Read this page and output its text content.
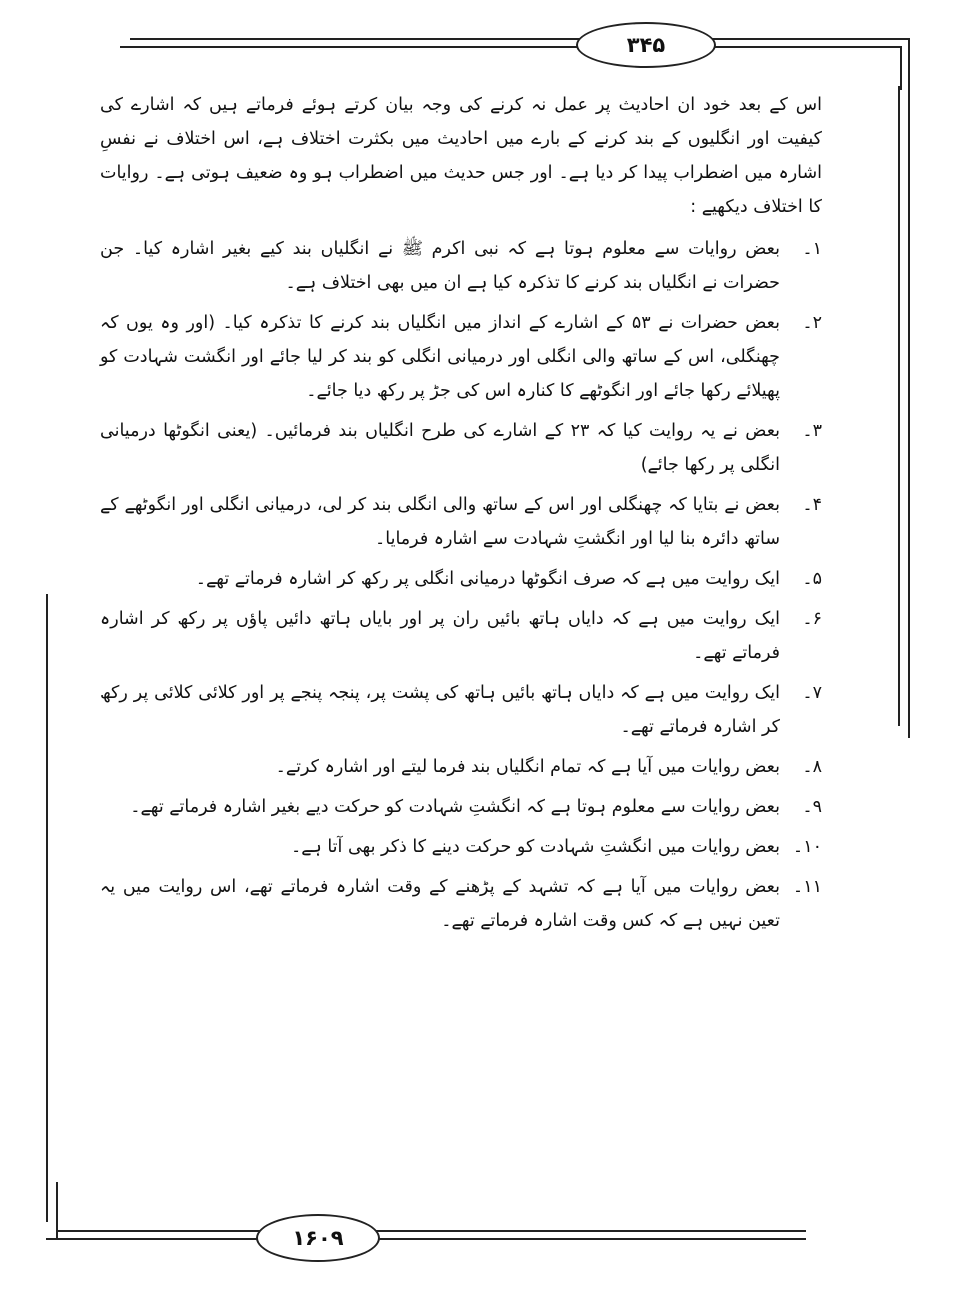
۳۴۵
۱۶۰۹

اس کے بعد خود ان احادیث پر عمل نہ کرنے کی وجہ بیان کرتے ہوئے فرماتے ہیں کہ اشارے کی کیفیت اور انگلیوں کے بند کرنے کے بارے میں احادیث میں بکثرت اختلاف ہے، اس اختلاف نے نفسِ اشارہ میں اضطراب پیدا کر دیا ہے۔ اور جس حدیث میں اضطراب ہو وہ ضعیف ہوتی ہے۔ روایات کا اختلاف دیکھیے :

۱۔
بعض روایات سے معلوم ہوتا ہے کہ نبی اکرم ﷺ نے انگلیاں بند کیے بغیر اشارہ کیا۔ جن حضرات نے انگلیاں بند کرنے کا تذکرہ کیا ہے ان میں بھی اختلاف ہے۔
۲۔
بعض حضرات نے ۵۳ کے اشارے کے انداز میں انگلیاں بند کرنے کا تذکرہ کیا۔ (اور وہ یوں کہ چھنگلی، اس کے ساتھ والی انگلی اور درمیانی انگلی کو بند کر لیا جائے اور انگشت شہادت کو پھیلائے رکھا جائے اور انگوٹھے کا کنارہ اس کی جڑ پر رکھ دیا جائے۔
۳۔
بعض نے یہ روایت کیا کہ ۲۳ کے اشارے کی طرح انگلیاں بند فرمائیں۔ (یعنی انگوٹھا درمیانی انگلی پر رکھا جائے)
۴۔
بعض نے بتایا کہ چھنگلی اور اس کے ساتھ والی انگلی بند کر لی، درمیانی انگلی اور انگوٹھے کے ساتھ دائرہ بنا لیا اور انگشتِ شہادت سے اشارہ فرمایا۔
۵۔
ایک روایت میں ہے کہ صرف انگوٹھا درمیانی انگلی پر رکھ کر اشارہ فرماتے تھے۔
۶۔
ایک روایت میں ہے کہ دایاں ہاتھ بائیں ران پر اور بایاں ہاتھ دائیں پاؤں پر رکھ کر اشارہ فرماتے تھے۔
۷۔
ایک روایت میں ہے کہ دایاں ہاتھ بائیں ہاتھ کی پشت پر، پنجہ پنجے پر اور کلائی کلائی پر رکھ کر اشارہ فرماتے تھے۔
۸۔
بعض روایات میں آیا ہے کہ تمام انگلیاں بند فرما لیتے اور اشارہ کرتے۔
۹۔
بعض روایات سے معلوم ہوتا ہے کہ انگشتِ شہادت کو حرکت دیے بغیر اشارہ فرماتے تھے۔
۱۰۔
بعض روایات میں انگشتِ شہادت کو حرکت دینے کا ذکر بھی آتا ہے۔
۱۱۔
بعض روایات میں آیا ہے کہ تشہد کے پڑھنے کے وقت اشارہ فرماتے تھے، اس روایت میں یہ تعین نہیں ہے کہ کس وقت اشارہ فرماتے تھے۔
